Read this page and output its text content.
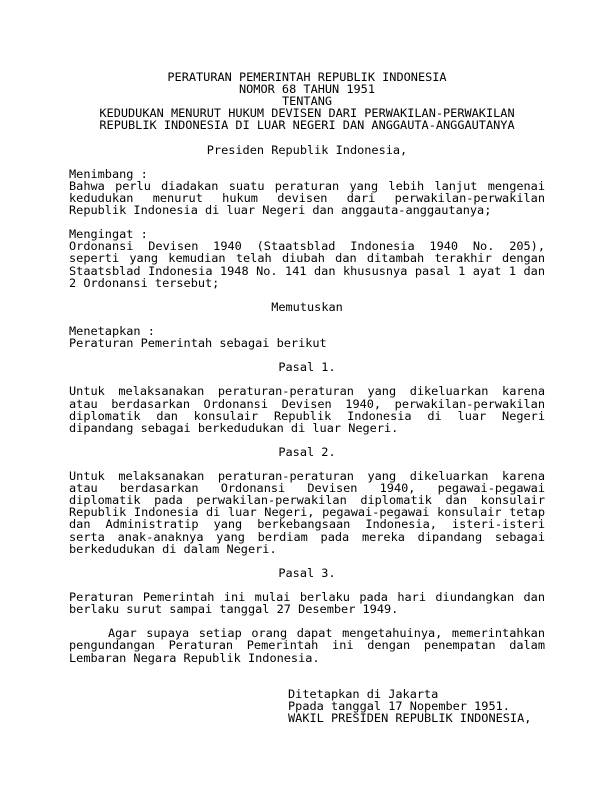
PERATURAN PEMERINTAH REPUBLIK INDONESIA
NOMOR 68 TAHUN 1951
TENTANG
KEDUDUKAN MENURUT HUKUM DEVISEN DARI PERWAKILAN-PERWAKILAN
REPUBLIK INDONESIA DI LUAR NEGERI DAN ANGGAUTA-ANGGAUTANYA
Presiden Republik Indonesia,
Menimbang :
Bahwa perlu diadakan suatu peraturan yang lebih lanjut mengenai
kedudukan menurut hukum devisen dari perwakilan-perwakilan
Republik Indonesia di luar Negeri dan anggauta-anggautanya;
Mengingat :
Ordonansi Devisen 1940 (Staatsblad Indonesia 1940 No. 205),
seperti yang kemudian telah diubah dan ditambah terakhir dengan
Staatsblad Indonesia 1948 No. 141 dan khususnya pasal 1 ayat 1 dan
2 Ordonansi tersebut;
Memutuskan
Menetapkan :
Peraturan Pemerintah sebagai berikut
Pasal 1.
Untuk melaksanakan peraturan-peraturan yang dikeluarkan karena
atau berdasarkan Ordonansi Devisen 1940, perwakilan-perwakilan
diplomatik dan konsulair Republik Indonesia di luar Negeri
dipandang sebagai berkedudukan di luar Negeri.
Pasal 2.
Untuk melaksanakan peraturan-peraturan yang dikeluarkan karena
atau berdasarkan Ordonansi Devisen 1940, pegawai-pegawai
diplomatik pada perwakilan-perwakilan diplomatik dan konsulair
Republik Indonesia di luar Negeri, pegawai-pegawai konsulair tetap
dan Administratip yang berkebangsaan Indonesia, isteri-isteri
serta anak-anaknya yang berdiam pada mereka dipandang sebagai
berkedudukan di dalam Negeri.
Pasal 3.
Peraturan Pemerintah ini mulai berlaku pada hari diundangkan dan
berlaku surut sampai tanggal 27 Desember 1949.
Agar supaya setiap orang dapat mengetahuinya, memerintahkan
pengundangan Peraturan Pemerintah ini dengan penempatan dalam
Lembaran Negara Republik Indonesia.
Ditetapkan di Jakarta
Ppada tanggal 17 Nopember 1951.
WAKIL PRESIDEN REPUBLIK INDONESIA,
